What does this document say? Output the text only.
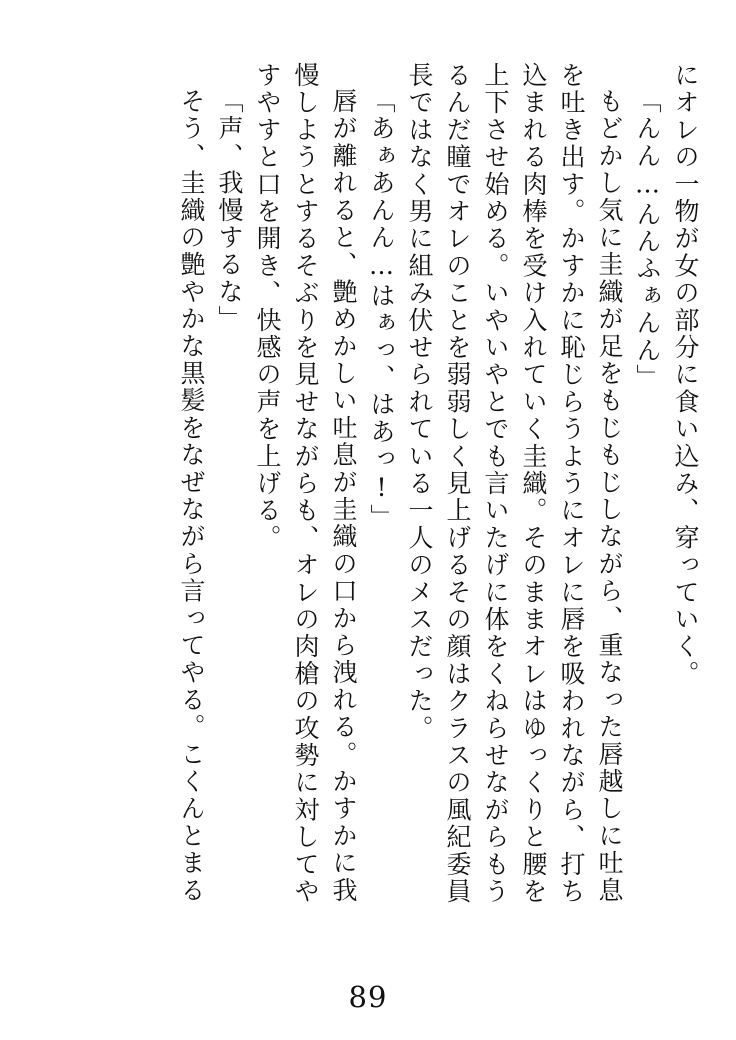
にオレの一物が女の部分に食い込み、穿っていく。
「んん…んんふぁんん」
もどかし気に圭織が足をもじもじしながら、重なった唇越しに吐息
を吐き出す。かすかに恥じらうようにオレに唇を吸われながら、打ち
込まれる肉棒を受け入れていく圭織。そのままオレはゆっくりと腰を
上下させ始める。いやいやとでも言いたげに体をくねらせながらもう
るんだ瞳でオレのことを弱弱しく見上げるその顔はクラスの風紀委員
長ではなく男に組み伏せられている一人のメスだった。
「あぁあんん…はぁっ、はあっ!」
唇が離れると、艶めかしい吐息が圭織の口から洩れる。かすかに我
慢しようとするそぶりを見せながらも、オレの肉槍の攻勢に対してや
すやすと口を開き、快感の声を上げる。
「声、我慢するな」
そう、圭織の艶やかな黒髪をなぜながら言ってやる。こくんとまる
89
